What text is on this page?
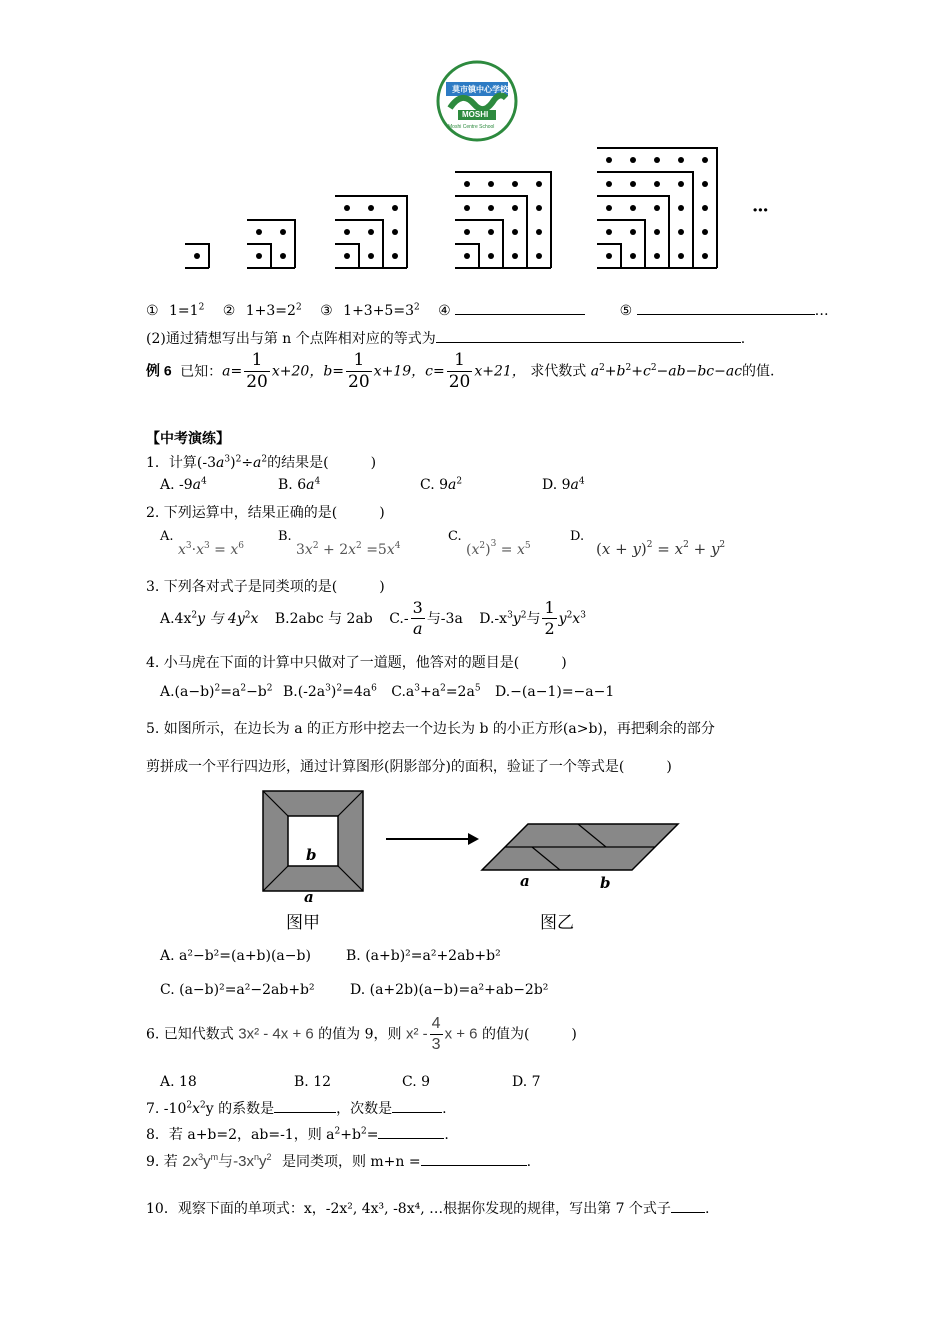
莫市镇中心学校
MOSHI
Moshi Centre School
···
① $1=1^2$ ② $1+3=2^2$ ③ $1+3+5=3^2$ ④	⑤	…
(2)通过猜想写出与第 n 个点阵相对应的等式为	.
例 6 已知：$a= \frac{1}{20} x+20$，$b= \frac{1}{20} x+19$，$c= \frac{1}{20} x+21$， 求代数式 $a^2+b^2+c^2-ab-bc-ac$的值.
【中考演练】
1．计算$(-3a^3)^2\div a^2$的结果是(　　　)
A. $-9a^4$	B. $6a^4$	C. $9a^2$	D. $9a^4$
2. 下列运算中，结果正确的是(　　　)
A.
$x^3\cdot x^3 = x^6$
B.
$3x^2 + 2x^2 =5x^4$
C.
$(x^2)^3 = x^5$
D.
$(x + y)^2 = x^2 + y^2$
3. 下列各对式子是同类项的是(　　　)
$A.4x^2y$ 与 $4y^2x$ B.2abc 与 2ab $C.- \frac{3}{a}$ 与-3a $D.-x^3y^2$与 $\frac{1}{2} y^2x^3$
4. 小马虎在下面的计算中只做对了一道题，他答对的题目是(　　　)
$A.(a-b)^2=a^2-b^2$ $B.(-2a^3)^2=4a^6$ $C.a^3+a^2=2a^5$ D.−(a−1)=−a−1
5. 如图所示，在边长为 a 的正方形中挖去一个边长为 b 的小正方形(a>b)，再把剩余的部分
剪拼成一个平行四边形，通过计算图形(阴影部分)的面积，验证了一个等式是(　　　)
b
a
图甲
a	b
图乙
A. a²−b²=(a+b)(a−b)	B. (a+b)²=a²+2ab+b²
C. (a−b)²=a²−2ab+b²	D. (a+2b)(a−b)=a²+ab−2b²
6. 已知代数式 3x² - 4x + 6 的值为 9，则 $x^2 - \frac{4}{3}$ x + 6 的值为(　　　)
A. 18	B. 12	C. 9	D. 7
7. $-10^2x^2y$ 的系数是	，次数是	.
8．若 a+b=2，ab=-1，则 $a^2+b^2=$	.
9. 若 $2x^3y^m$与$-3x^ny^2$ 是同类项，则 m+n =	.
10．观察下面的单项式：x，-2x², 4x³, -8x⁴, …根据你发现的规律，写出第 7 个式子 .
